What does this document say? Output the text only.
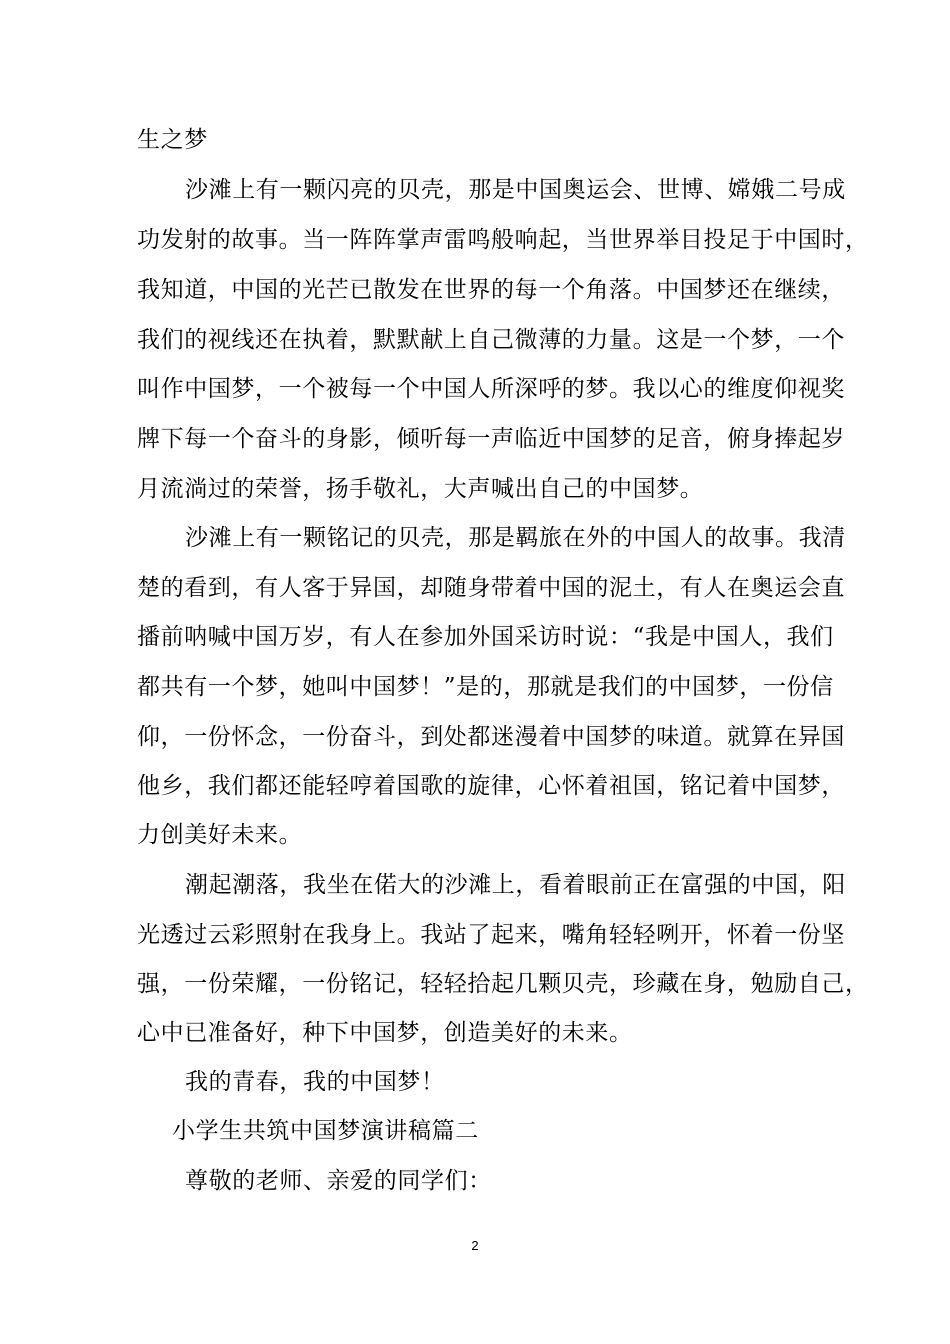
生之梦
沙滩上有一颗闪亮的贝壳，那是中国奥运会、世博、嫦娥二号成
功发射的故事。当一阵阵掌声雷鸣般响起，当世界举目投足于中国时，
我知道，中国的光芒已散发在世界的每一个角落。中国梦还在继续，
我们的视线还在执着，默默献上自己微薄的力量。这是一个梦，一个
叫作中国梦，一个被每一个中国人所深呼的梦。我以心的维度仰视奖
牌下每一个奋斗的身影，倾听每一声临近中国梦的足音，俯身捧起岁
月流淌过的荣誉，扬手敬礼，大声喊出自己的中国梦。
沙滩上有一颗铭记的贝壳，那是羁旅在外的中国人的故事。我清
楚的看到，有人客于异国，却随身带着中国的泥土，有人在奥运会直
播前呐喊中国万岁，有人在参加外国采访时说：“我是中国人，我们
都共有一个梦，她叫中国梦！”是的，那就是我们的中国梦，一份信
仰，一份怀念，一份奋斗，到处都迷漫着中国梦的味道。就算在异国
他乡，我们都还能轻哼着国歌的旋律，心怀着祖国，铭记着中国梦，
力创美好未来。
潮起潮落，我坐在偌大的沙滩上，看着眼前正在富强的中国，阳
光透过云彩照射在我身上。我站了起来，嘴角轻轻咧开，怀着一份坚
强，一份荣耀，一份铭记，轻轻拾起几颗贝壳，珍藏在身，勉励自己，
心中已准备好，种下中国梦，创造美好的未来。
我的青春，我的中国梦！
小学生共筑中国梦演讲稿篇二
尊敬的老师、亲爱的同学们：
2
